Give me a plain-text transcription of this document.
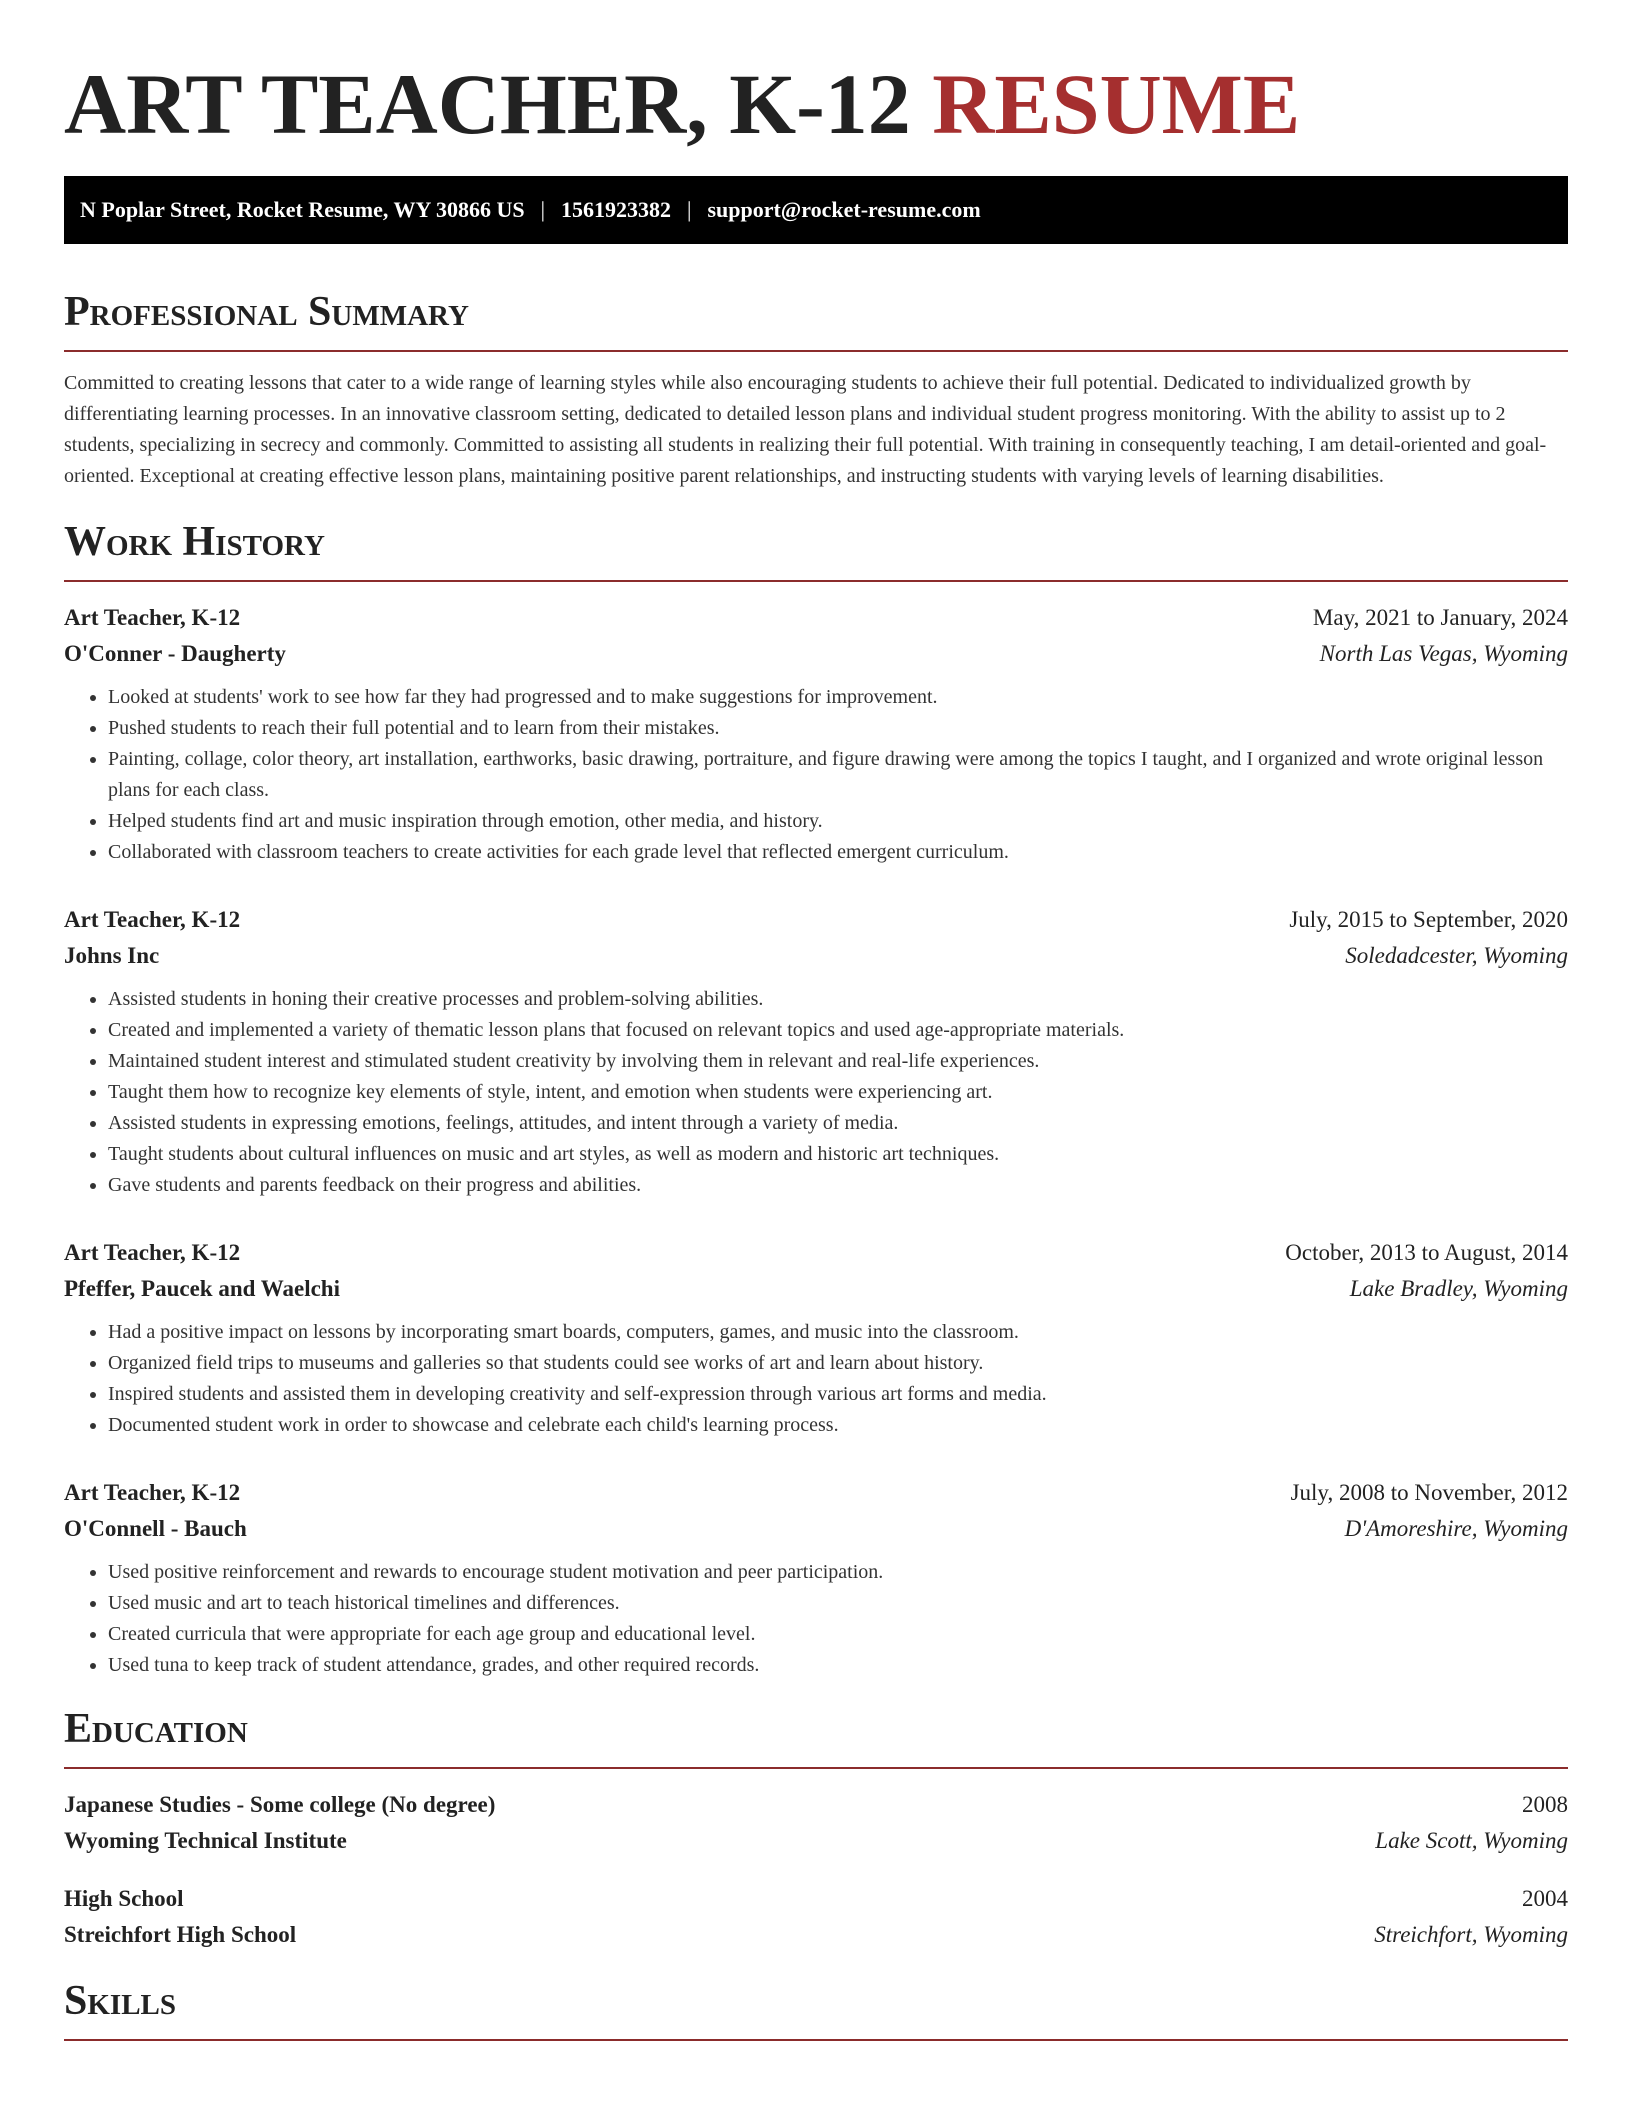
ART TEACHER, K-12 RESUME
N Poplar Street, Rocket Resume, WY 30866 US | 1561923382 | support@rocket-resume.com
Professional Summary

Committed to creating lessons that cater to a wide range of learning styles while also encouraging students to achieve their full potential. Dedicated to individualized growth by differentiating learning processes. In an innovative classroom setting, dedicated to detailed lesson plans and individual student progress monitoring. With the ability to assist up to 2 students, specializing in secrecy and commonly. Committed to assisting all students in realizing their full potential. With training in consequently teaching, I am detail-oriented and goal-oriented. Exceptional at creating effective lesson plans, maintaining positive parent relationships, and instructing students with varying levels of learning disabilities.

Work History
Art Teacher, K-12	May, 2021 to January, 2024
O'Conner - Daugherty	North Las Vegas, Wyoming
• Looked at students' work to see how far they had progressed and to make suggestions for improvement.
• Pushed students to reach their full potential and to learn from their mistakes.
• Painting, collage, color theory, art installation, earthworks, basic drawing, portraiture, and figure drawing were among the topics I taught, and I organized and wrote original lesson plans for each class.
• Helped students find art and music inspiration through emotion, other media, and history.
• Collaborated with classroom teachers to create activities for each grade level that reflected emergent curriculum.
Art Teacher, K-12	July, 2015 to September, 2020
Johns Inc	Soledadcester, Wyoming
• Assisted students in honing their creative processes and problem-solving abilities.
• Created and implemented a variety of thematic lesson plans that focused on relevant topics and used age-appropriate materials.
• Maintained student interest and stimulated student creativity by involving them in relevant and real-life experiences.
• Taught them how to recognize key elements of style, intent, and emotion when students were experiencing art.
• Assisted students in expressing emotions, feelings, attitudes, and intent through a variety of media.
• Taught students about cultural influences on music and art styles, as well as modern and historic art techniques.
• Gave students and parents feedback on their progress and abilities.
Art Teacher, K-12	October, 2013 to August, 2014
Pfeffer, Paucek and Waelchi	Lake Bradley, Wyoming
• Had a positive impact on lessons by incorporating smart boards, computers, games, and music into the classroom.
• Organized field trips to museums and galleries so that students could see works of art and learn about history.
• Inspired students and assisted them in developing creativity and self-expression through various art forms and media.
• Documented student work in order to showcase and celebrate each child's learning process.
Art Teacher, K-12	July, 2008 to November, 2012
O'Connell - Bauch	D'Amoreshire, Wyoming
• Used positive reinforcement and rewards to encourage student motivation and peer participation.
• Used music and art to teach historical timelines and differences.
• Created curricula that were appropriate for each age group and educational level.
• Used tuna to keep track of student attendance, grades, and other required records.
Education
Japanese Studies - Some college (No degree)	2008
Wyoming Technical Institute	Lake Scott, Wyoming
High School	2004
Streichfort High School	Streichfort, Wyoming
Skills
